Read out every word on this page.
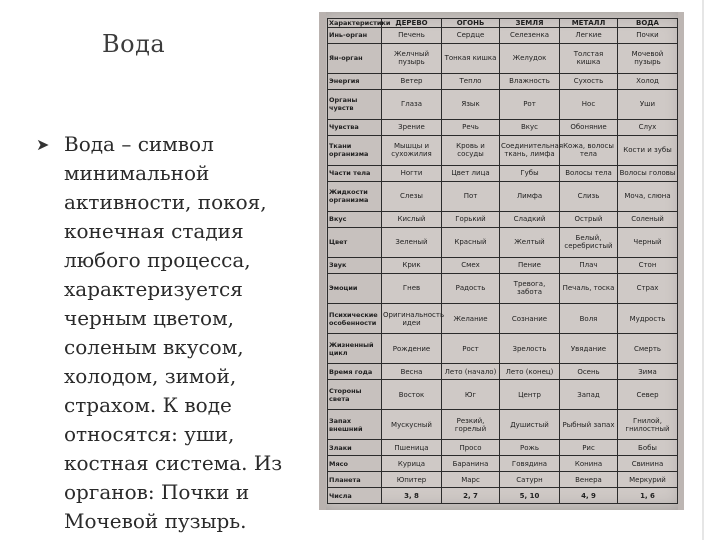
Вода
➤ Вода – символ
минимальной
активности, покоя,
конечная стадия
любого процесса,
характеризуется
черным цветом,
соленым вкусом,
холодом, зимой,
страхом. К воде
относятся: уши,
костная система. Из
органов: Почки и
Мочевой пузырь.
Характеристики	ДЕРЕВО	ОГОНЬ	ЗЕМЛЯ	МЕТАЛЛ	ВОДА
Инь-орган	Печень	Сердце	Селезенка	Легкие	Почки
Ян-орган	Желчный пузырь	Тонкая кишка	Желудок	Толстая кишка	Мочевой пузырь
Энергия	Ветер	Тепло	Влажность	Сухость	Холод
Органы чувств	Глаза	Язык	Рот	Нос	Уши
Чувства	Зрение	Речь	Вкус	Обоняние	Слух
Ткани организма	Мышцы и сухожилия	Кровь и сосуды	Соединительная ткань, лимфа	Кожа, волосы тела	Кости и зубы
Части тела	Ногти	Цвет лица	Губы	Волосы тела	Волосы головы
Жидкости организма	Слезы	Пот	Лимфа	Слизь	Моча, слюна
Вкус	Кислый	Горький	Сладкий	Острый	Соленый
Цвет	Зеленый	Красный	Желтый	Белый, серебристый	Черный
Звук	Крик	Смех	Пение	Плач	Стон
Эмоции	Гнев	Радость	Тревога, забота	Печаль, тоска	Страх
Психические особенности	Оригинальность идеи	Желание	Сознание	Воля	Мудрость
Жизненный цикл	Рождение	Рост	Зрелость	Увядание	Смерть
Время года	Весна	Лето (начало)	Лето (конец)	Осень	Зима
Стороны света	Восток	Юг	Центр	Запад	Север
Запах внешний	Мускусный	Резкий, горелый	Душистый	Рыбный запах	Гнилой, гнилостный
Злаки	Пшеница	Просо	Рожь	Рис	Бобы
Мясо	Курица	Баранина	Говядина	Конина	Свинина
Планета	Юпитер	Марс	Сатурн	Венера	Меркурий
Числа	3, 8	2, 7	5, 10	4, 9	1, 6
